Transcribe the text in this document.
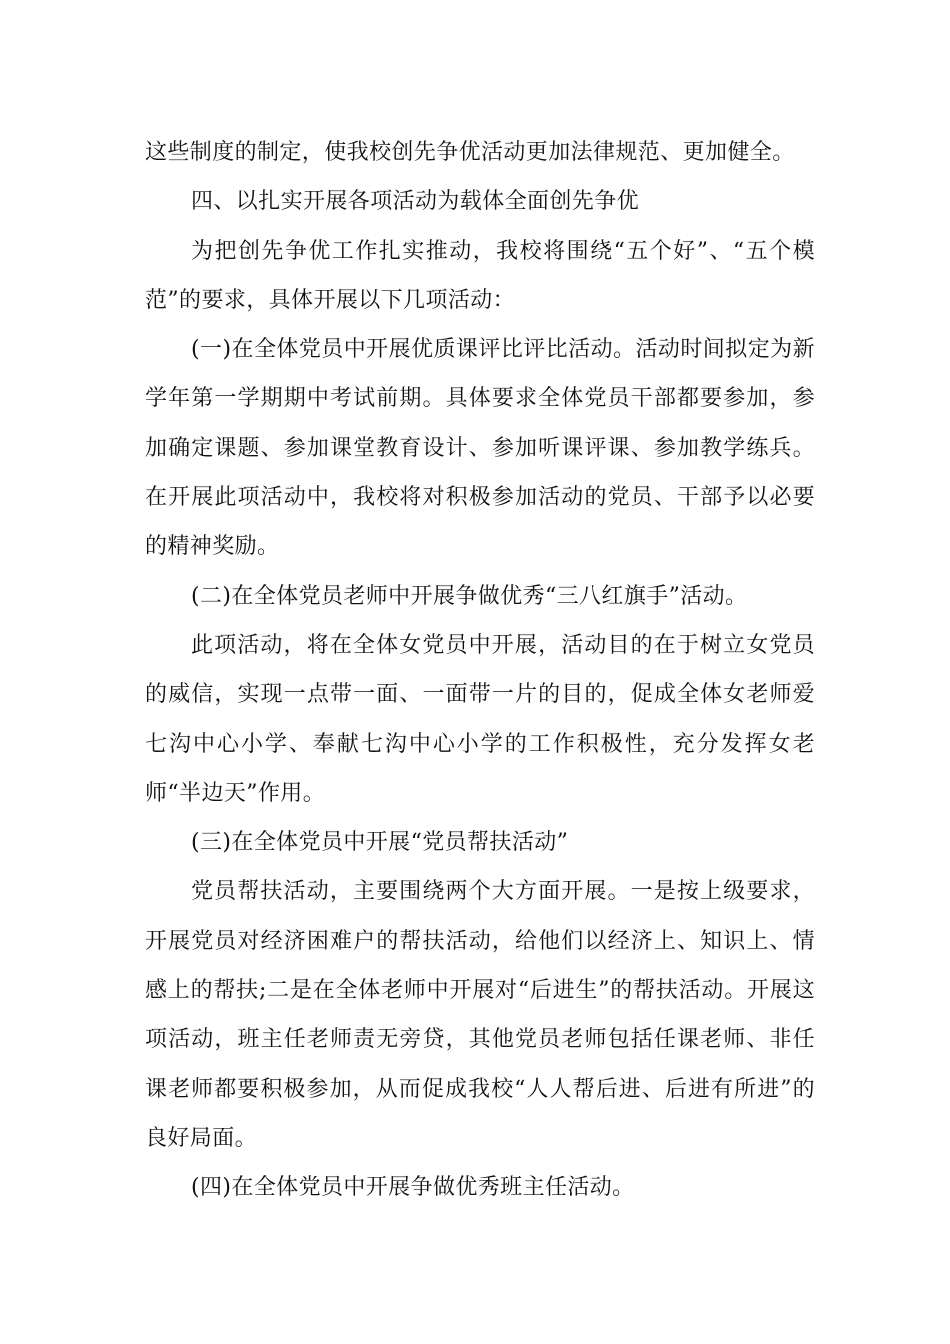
这些制度的制定，使我校创先争优活动更加法律规范、更加健全。

四、以扎实开展各项活动为载体全面创先争优

为把创先争优工作扎实推动，我校将围绕“五个好”、“五个模范”的要求，具体开展以下几项活动：

(一)在全体党员中开展优质课评比评比活动。活动时间拟定为新学年第一学期期中考试前期。具体要求全体党员干部都要参加，参加确定课题、参加课堂教育设计、参加听课评课、参加教学练兵。在开展此项活动中，我校将对积极参加活动的党员、干部予以必要的精神奖励。

(二)在全体党员老师中开展争做优秀“三八红旗手”活动。

此项活动，将在全体女党员中开展，活动目的在于树立女党员的威信，实现一点带一面、一面带一片的目的，促成全体女老师爱七沟中心小学、奉献七沟中心小学的工作积极性，充分发挥女老师“半边天”作用。

(三)在全体党员中开展“党员帮扶活动”

党员帮扶活动，主要围绕两个大方面开展。一是按上级要求，开展党员对经济困难户的帮扶活动，给他们以经济上、知识上、情感上的帮扶;二是在全体老师中开展对“后进生”的帮扶活动。开展这项活动，班主任老师责无旁贷，其他党员老师包括任课老师、非任课老师都要积极参加，从而促成我校“人人帮后进、后进有所进”的良好局面。

(四)在全体党员中开展争做优秀班主任活动。
